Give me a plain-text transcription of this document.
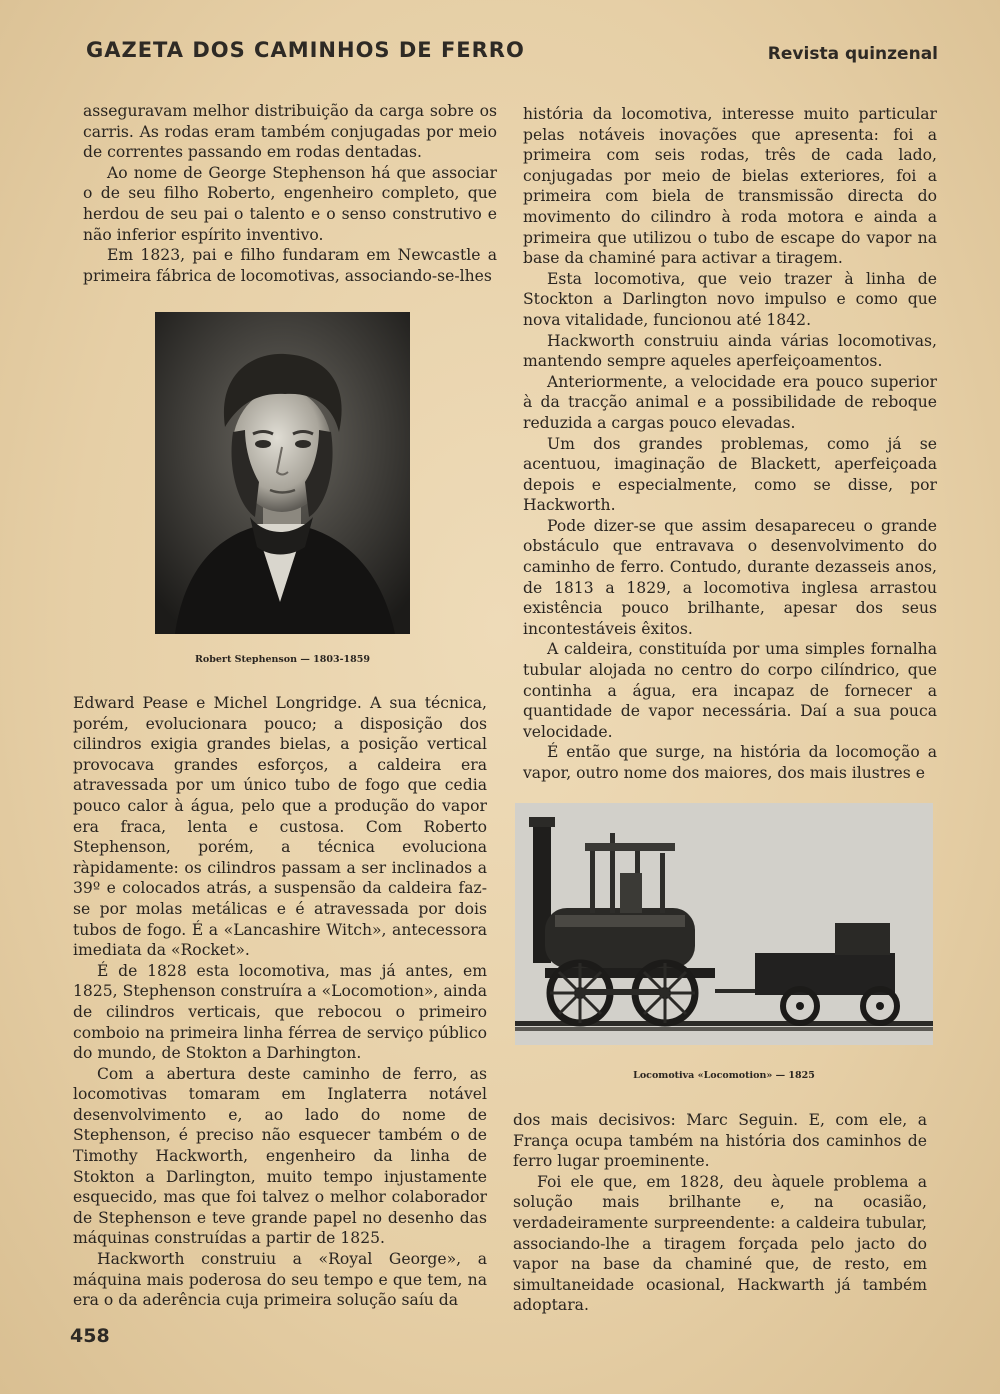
GAZETA DOS CAMINHOS DE FERRO	Revista quinzenal

asseguravam melhor distribuição da carga sobre os carris. As rodas eram também conjugadas por meio de correntes passando em rodas dentadas.

Ao nome de George Stephenson há que associar o de seu filho Roberto, engenheiro completo, que herdou de seu pai o talento e o senso construtivo e não inferior espírito inventivo.

Em 1823, pai e filho fundaram em Newcastle a primeira fábrica de locomotivas, associando-se-lhes

Robert Stephenson — 1803-1859

Edward Pease e Michel Longridge. A sua técnica, porém, evolucionara pouco; a disposição dos cilindros exigia grandes bielas, a posição vertical provocava grandes esforços, a caldeira era atravessada por um único tubo de fogo que cedia pouco calor à água, pelo que a produção do vapor era fraca, lenta e custosa. Com Roberto Stephenson, porém, a técnica evoluciona ràpidamente: os cilindros passam a ser inclinados a 39º e colocados atrás, a suspensão da caldeira faz-se por molas metálicas e é atravessada por dois tubos de fogo. É a «Lancashire Witch», antecessora imediata da «Rocket».

É de 1828 esta locomotiva, mas já antes, em 1825, Stephenson construíra a «Locomotion», ainda de cilindros verticais, que rebocou o primeiro comboio na primeira linha férrea de serviço público do mundo, de Stokton a Darhington.

Com a abertura deste caminho de ferro, as locomotivas tomaram em Inglaterra notável desenvolvimento e, ao lado do nome de Stephenson, é preciso não esquecer também o de Timothy Hackworth, engenheiro da linha de Stokton a Darlington, muito tempo injustamente esquecido, mas que foi talvez o melhor colaborador de Stephenson e teve grande papel no desenho das máquinas construídas a partir de 1825.

Hackworth construiu a «Royal George», a máquina mais poderosa do seu tempo e que tem, na era o da aderência cuja primeira solução saíu da

história da locomotiva, interesse muito particular pelas notáveis inovações que apresenta: foi a primeira com seis rodas, três de cada lado, conjugadas por meio de bielas exteriores, foi a primeira com biela de transmissão directa do movimento do cilindro à roda motora e ainda a primeira que utilizou o tubo de escape do vapor na base da chaminé para activar a tiragem.

Esta locomotiva, que veio trazer à linha de Stockton a Darlington novo impulso e como que nova vitalidade, funcionou até 1842.

Hackworth construiu ainda várias locomotivas, mantendo sempre aqueles aperfeiçoamentos.

Anteriormente, a velocidade era pouco superior à da tracção animal e a possibilidade de reboque reduzida a cargas pouco elevadas.

Um dos grandes problemas, como já se acentuou, imaginação de Blackett, aperfeiçoada depois e especialmente, como se disse, por Hackworth.

Pode dizer-se que assim desapareceu o grande obstáculo que entravava o desenvolvimento do caminho de ferro. Contudo, durante dezasseis anos, de 1813 a 1829, a locomotiva inglesa arrastou existência pouco brilhante, apesar dos seus incontestáveis êxitos.

A caldeira, constituída por uma simples fornalha tubular alojada no centro do corpo cilíndrico, que continha a água, era incapaz de fornecer a quantidade de vapor necessária. Daí a sua pouca velocidade.

É então que surge, na história da locomoção a vapor, outro nome dos maiores, dos mais ilustres e

Locomotiva «Locomotion» — 1825

dos mais decisivos: Marc Seguin. E, com ele, a França ocupa também na história dos caminhos de ferro lugar proeminente.

Foi ele que, em 1828, deu àquele problema a solução mais brilhante e, na ocasião, verdadeiramente surpreendente: a caldeira tubular, associando-lhe a tiragem forçada pelo jacto do vapor na base da chaminé que, de resto, em simultaneidade ocasional, Hackwarth já também adoptara.

458
